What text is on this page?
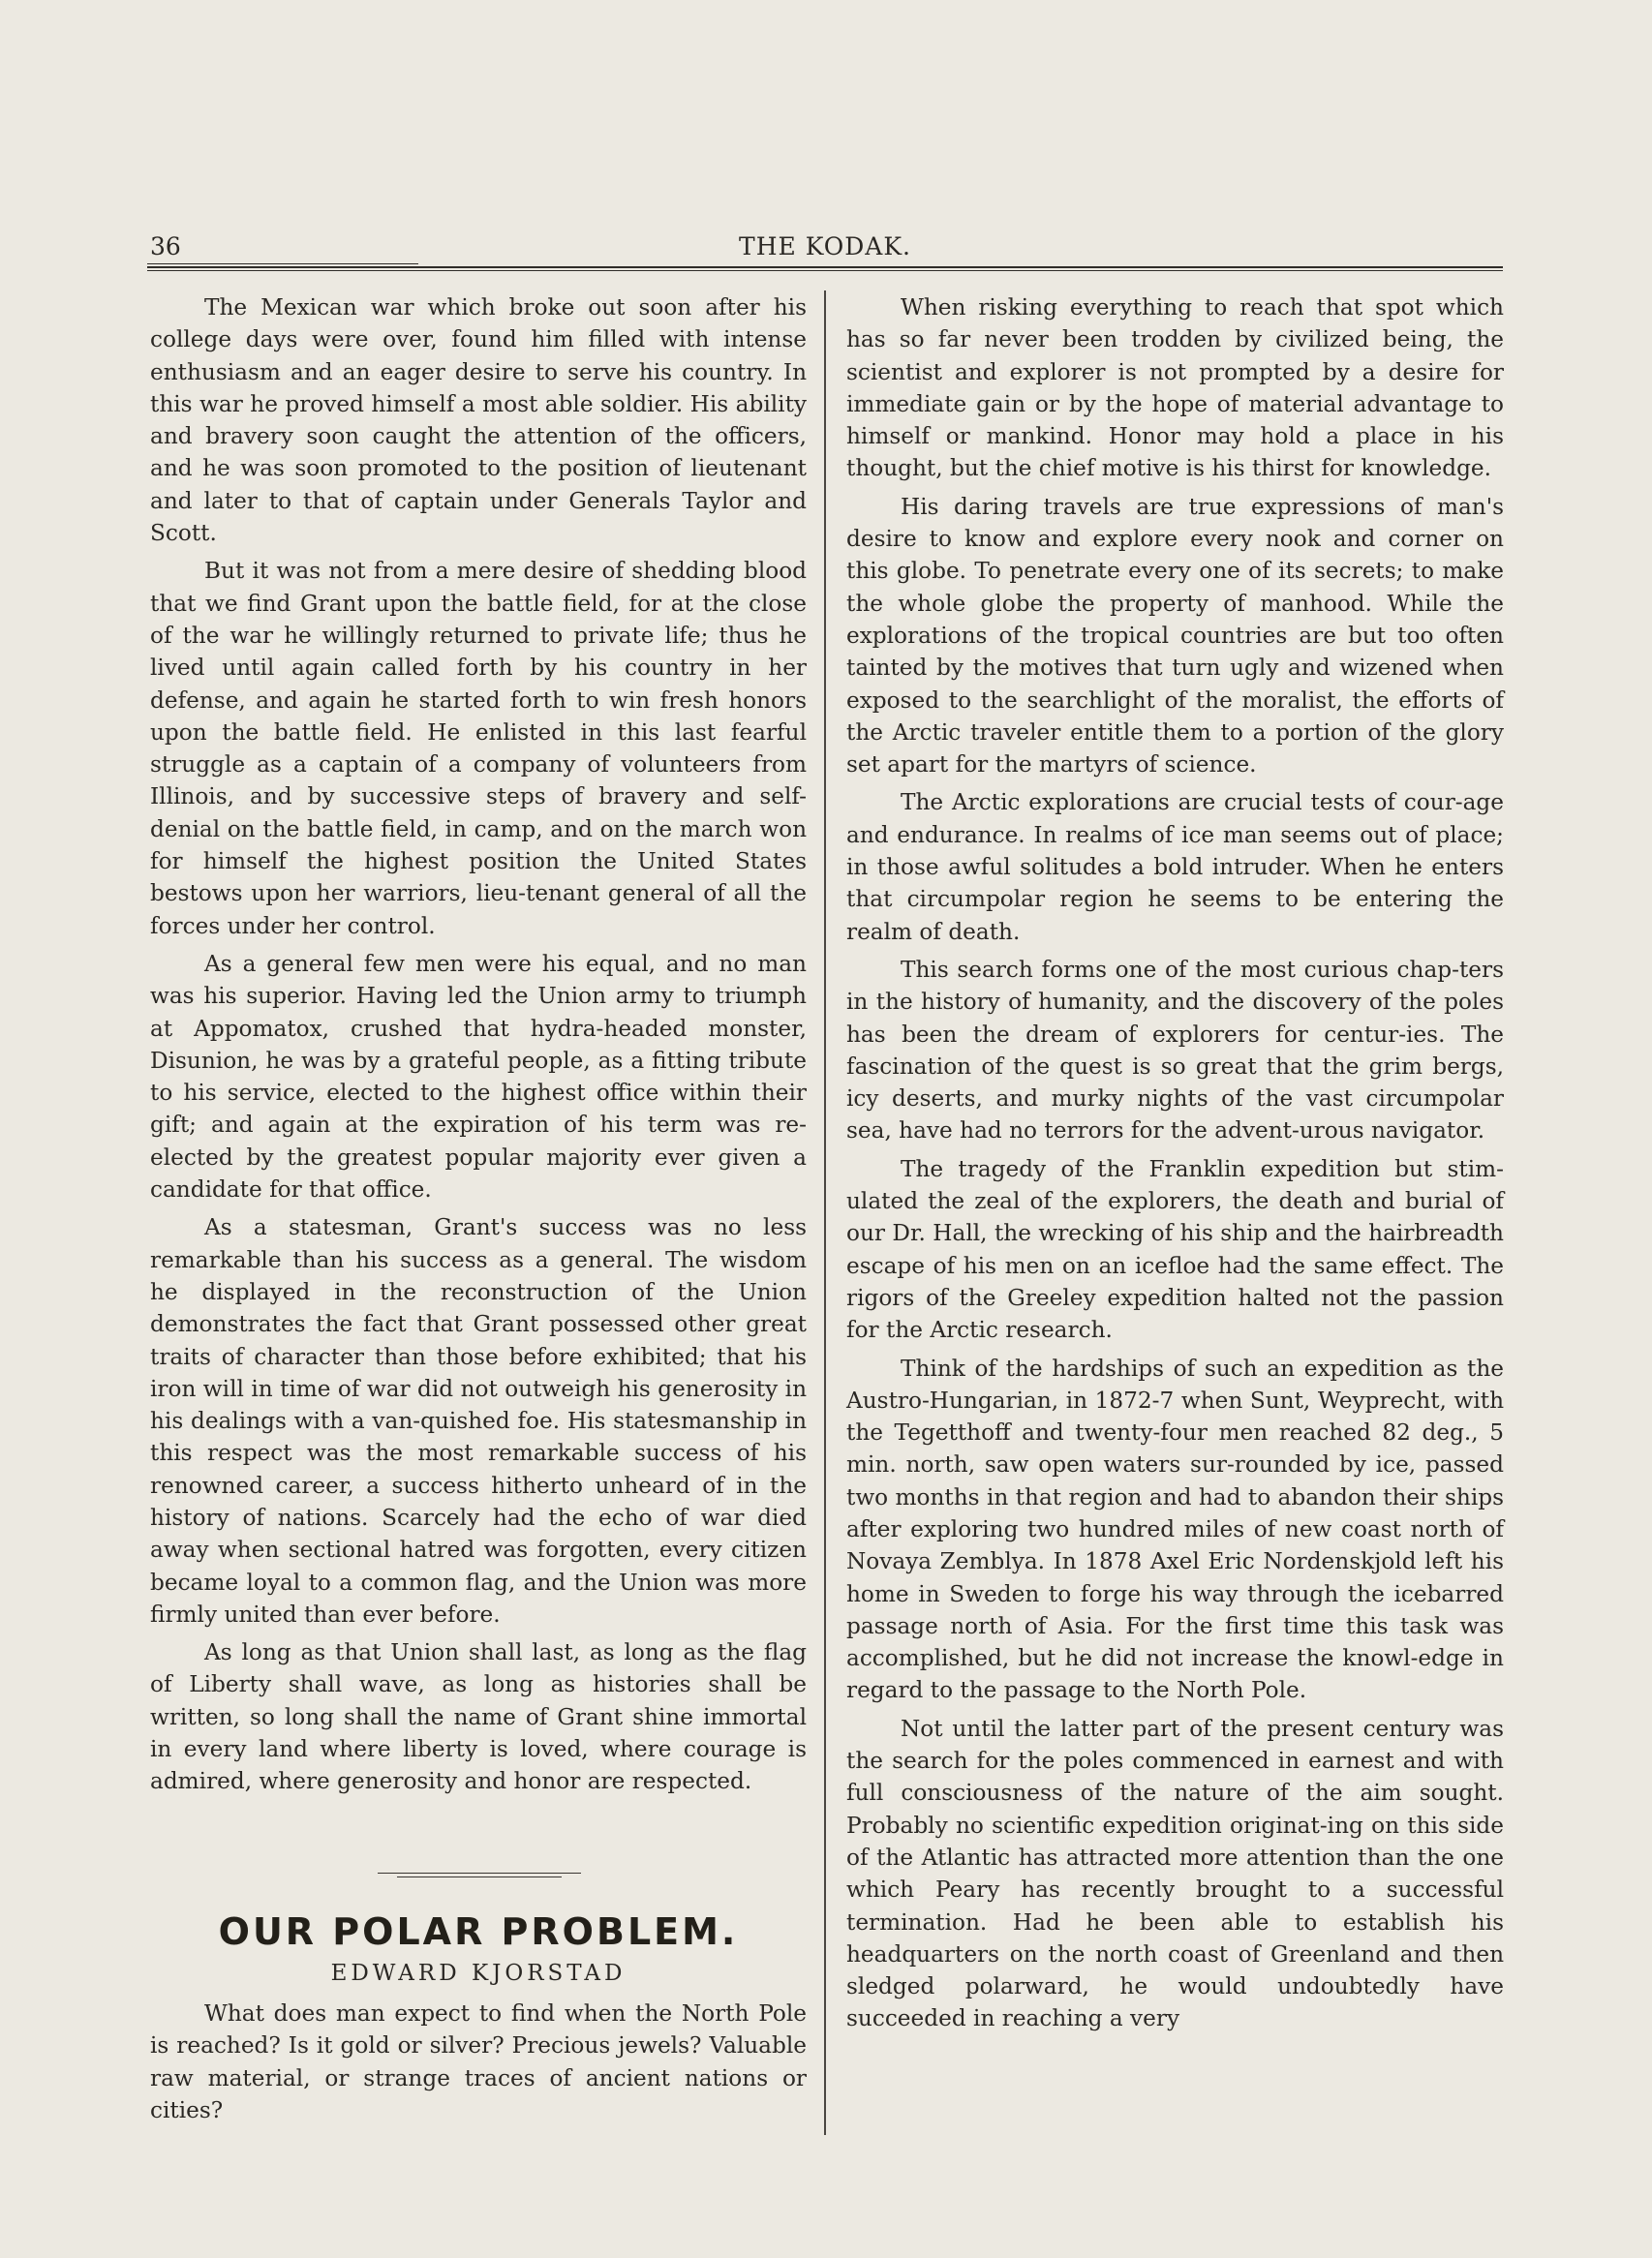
36	THE KODAK.

The Mexican war which broke out soon after his college days were over, found him filled with intense enthusiasm and an eager desire to serve his country. In this war he proved himself a most able soldier. His ability and bravery soon caught the attention of the officers, and he was soon promoted to the position of lieutenant and later to that of captain under Generals Taylor and Scott.

But it was not from a mere desire of shedding blood that we find Grant upon the battle field, for at the close of the war he willingly returned to private life; thus he lived until again called forth by his country in her defense, and again he started forth to win fresh honors upon the battle field. He enlisted in this last fearful struggle as a captain of a company of volunteers from Illinois, and by successive steps of bravery and self-denial on the battle field, in camp, and on the march won for himself the highest position the United States bestows upon her warriors, lieu-tenant general of all the forces under her control.

As a general few men were his equal, and no man was his superior. Having led the Union army to triumph at Appomatox, crushed that hydra-headed monster, Disunion, he was by a grateful people, as a fitting tribute to his service, elected to the highest office within their gift; and again at the expiration of his term was re-elected by the greatest popular majority ever given a candidate for that office.

As a statesman, Grant's success was no less remarkable than his success as a general. The wisdom he displayed in the reconstruction of the Union demonstrates the fact that Grant possessed other great traits of character than those before exhibited; that his iron will in time of war did not outweigh his generosity in his dealings with a van-quished foe. His statesmanship in this respect was the most remarkable success of his renowned career, a success hitherto unheard of in the history of nations. Scarcely had the echo of war died away when sectional hatred was forgotten, every citizen became loyal to a common flag, and the Union was more firmly united than ever before.

As long as that Union shall last, as long as the flag of Liberty shall wave, as long as histories shall be written, so long shall the name of Grant shine immortal in every land where liberty is loved, where courage is admired, where generosity and honor are respected.

OUR POLAR PROBLEM.
EDWARD KJORSTAD

What does man expect to find when the North Pole is reached? Is it gold or silver? Precious jewels? Valuable raw material, or strange traces of ancient nations or cities?

When risking everything to reach that spot which has so far never been trodden by civilized being, the scientist and explorer is not prompted by a desire for immediate gain or by the hope of material advantage to himself or mankind. Honor may hold a place in his thought, but the chief motive is his thirst for knowledge.

His daring travels are true expressions of man's desire to know and explore every nook and corner on this globe. To penetrate every one of its secrets; to make the whole globe the property of manhood. While the explorations of the tropical countries are but too often tainted by the motives that turn ugly and wizened when exposed to the searchlight of the moralist, the efforts of the Arctic traveler entitle them to a portion of the glory set apart for the martyrs of science.

The Arctic explorations are crucial tests of cour-age and endurance. In realms of ice man seems out of place; in those awful solitudes a bold intruder. When he enters that circumpolar region he seems to be entering the realm of death.

This search forms one of the most curious chap-ters in the history of humanity, and the discovery of the poles has been the dream of explorers for centur-ies. The fascination of the quest is so great that the grim bergs, icy deserts, and murky nights of the vast circumpolar sea, have had no terrors for the advent-urous navigator.

The tragedy of the Franklin expedition but stim-ulated the zeal of the explorers, the death and burial of our Dr. Hall, the wrecking of his ship and the hairbreadth escape of his men on an icefloe had the same effect. The rigors of the Greeley expedition halted not the passion for the Arctic research.

Think of the hardships of such an expedition as the Austro-Hungarian, in 1872-7 when Sunt, Weyprecht, with the Tegetthoff and twenty-four men reached 82 deg., 5 min. north, saw open waters sur-rounded by ice, passed two months in that region and had to abandon their ships after exploring two hundred miles of new coast north of Novaya Zemblya. In 1878 Axel Eric Nordenskjold left his home in Sweden to forge his way through the icebarred passage north of Asia. For the first time this task was accomplished, but he did not increase the knowl-edge in regard to the passage to the North Pole.

Not until the latter part of the present century was the search for the poles commenced in earnest and with full consciousness of the nature of the aim sought. Probably no scientific expedition originat-ing on this side of the Atlantic has attracted more attention than the one which Peary has recently brought to a successful termination. Had he been able to establish his headquarters on the north coast of Greenland and then sledged polarward, he would undoubtedly have succeeded in reaching a very
